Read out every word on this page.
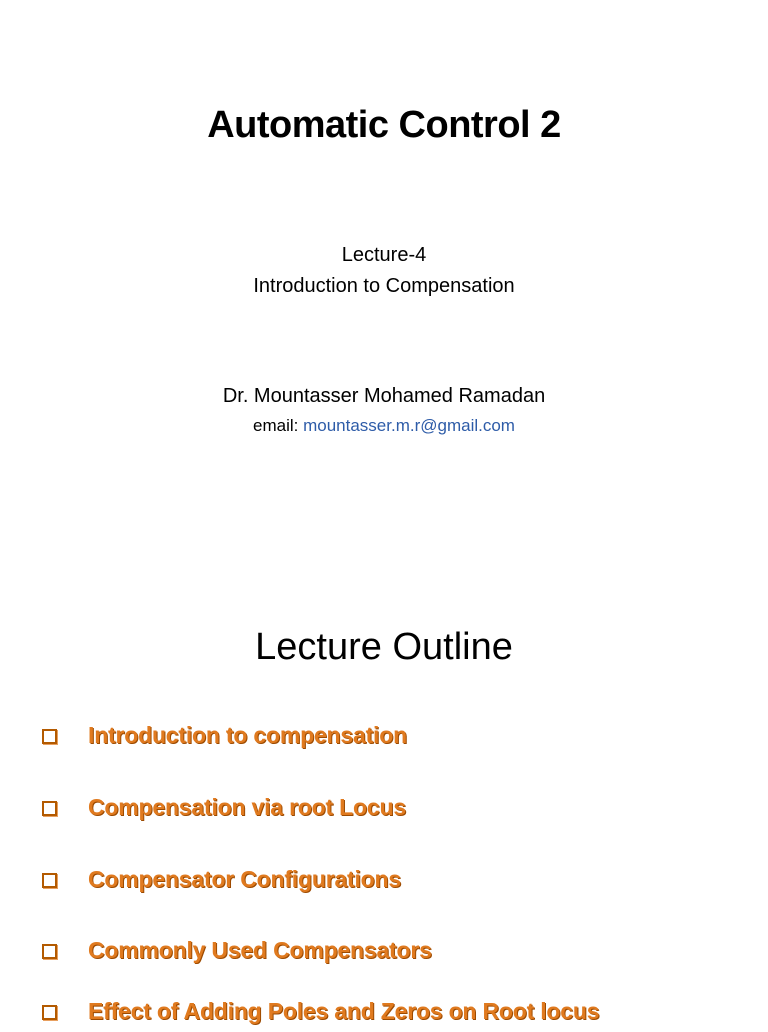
Automatic Control 2
Lecture-4
Introduction to Compensation
Dr. Mountasser Mohamed Ramadan
email: mountasser.m.r@gmail.com
Lecture Outline
Introduction to compensation
Compensation via root Locus
Compensator Configurations
Commonly Used Compensators
Effect of Adding Poles and Zeros on Root locus
